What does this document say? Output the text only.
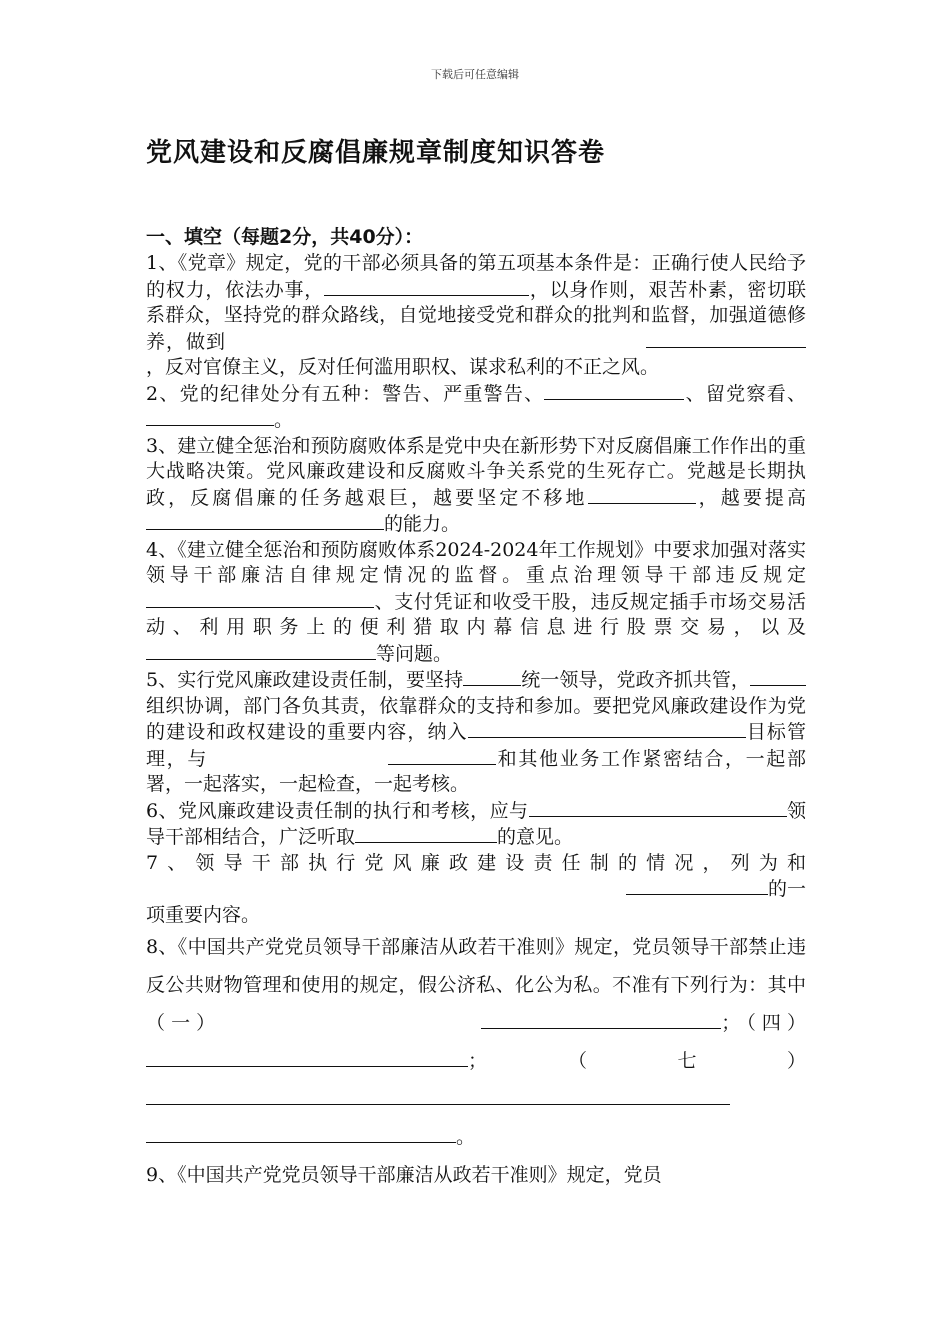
下载后可任意编辑
党风建设和反腐倡廉规章制度知识答卷
一、填空（每题2分，共40分）：

1、《党章》规定，党的干部必须具备的第五项基本条件是：正确行使人民给予的权力，依法办事，	，以身作则，艰苦朴素，密切联系群众，坚持党的群众路线，自觉地接受党和群众的批判和监督，加强道德修养，做到，反对官僚主义，反对任何滥用职权、谋求私利的不正之风。

2、党的纪律处分有五种：警告、严重警告、	、留党察看、。

3、建立健全惩治和预防腐败体系是党中央在新形势下对反腐倡廉工作作出的重大战略决策。党风廉政建设和反腐败斗争关系党的生死存亡。党越是长期执政，反腐倡廉的任务越艰巨，越要坚定不移地	，越要提高的能力。

4、《建立健全惩治和预防腐败体系2024-2024年工作规划》中要求加强对落实领导干部廉洁自律规定情况的监督。重点治理领导干部违反规定、支付凭证和收受干股，违反规定插手市场交易活动、利用职务上的便利猎取内幕信息进行股票交易，以及等问题。

5、实行党风廉政建设责任制，要坚持	统一领导，党政齐抓共管，组织协调，部门各负其责，依靠群众的支持和参加。要把党风廉政建设作为党的建设和政权建设的重要内容，纳入	目标管理，与	和其他业务工作紧密结合，一起部署，一起落实，一起检查，一起考核。

6、党风廉政建设责任制的执行和考核，应与	领导干部相结合，广泛听取	的意见。

7、领导干部执行党风廉政建设责任制的情况，列为和的一项重要内容。

8、《中国共产党党员领导干部廉洁从政若干准则》规定，党员领导干部禁止违反公共财物管理和使用的规定，假公济私、化公为私。不准有下列行为：其中（一）	；（四）；（七）。

9、《中国共产党党员领导干部廉洁从政若干准则》规定，党员
